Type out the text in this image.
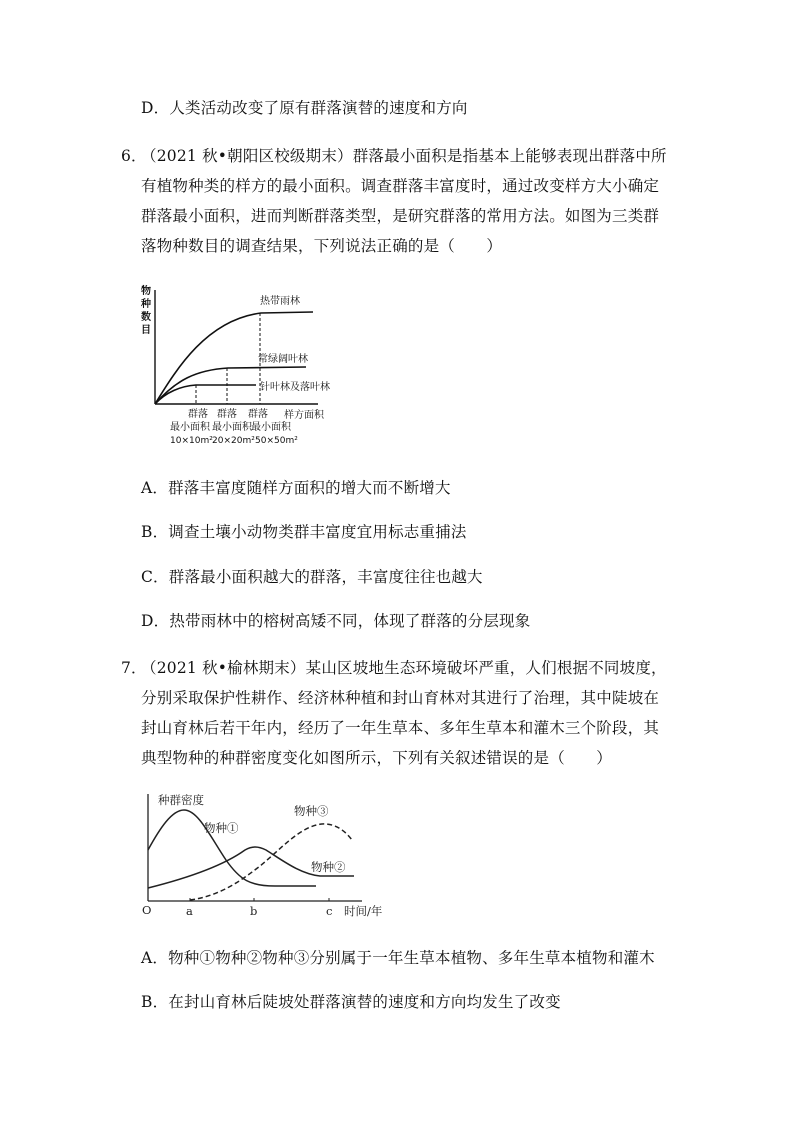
D．人类活动改变了原有群落演替的速度和方向
6．
（2021 秋•朝阳区校级期末）群落最小面积是指基本上能够表现出群落中所
有植物种类的样方的最小面积。调查群落丰富度时，通过改变样方大小确定
群落最小面积，进而判断群落类型，是研究群落的常用方法。如图为三类群
落物种数目的调查结果，下列说法正确的是（　　）
物
种
数
目
热带雨林
常绿阔叶林
针叶林及落叶林
样方面积
群落
最小面积
10×10m²
群落
最小面积
20×20m²
群落
最小面积
50×50m²
A．群落丰富度随样方面积的增大而不断增大
B．调查土壤小动物类群丰富度宜用标志重捕法
C．群落最小面积越大的群落，丰富度往往也越大
D．热带雨林中的榕树高矮不同，体现了群落的分层现象
7．
（2021 秋•榆林期末）某山区坡地生态环境破坏严重，人们根据不同坡度，
分别采取保护性耕作、经济林种植和封山育林对其进行了治理，其中陡坡在
封山育林后若干年内，经历了一年生草本、多年生草本和灌木三个阶段，其
典型物种的种群密度变化如图所示，下列有关叙述错误的是（　　）
种群密度
O	a	b	c 时间/年
物种①
物种②
物种③
A．物种①物种②物种③分别属于一年生草本植物、多年生草本植物和灌木
B．在封山育林后陡坡处群落演替的速度和方向均发生了改变
